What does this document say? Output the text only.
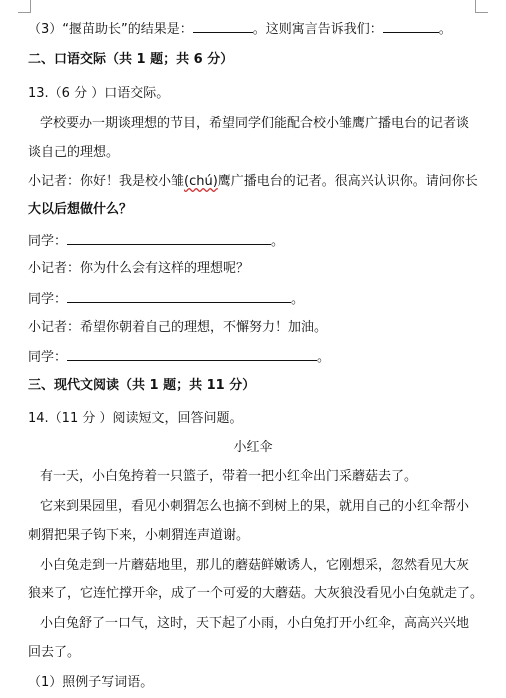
（3）“揠苗助长”的结果是：	。这则寓言告诉我们：	。
二、口语交际（共 1 题；共 6 分）
13.（6 分 ）口语交际。
学校要办一期谈理想的节目，希望同学们能配合校小雏鹰广播电台的记者谈
谈自己的理想。
小记者：你好！我是校小雏(chú)鹰广播电台的记者。很高兴认识你。请问你长
大以后想做什么？
同学：	。
小记者：你为什么会有这样的理想呢？
同学：	。
小记者：希望你朝着自己的理想，不懈努力！加油。
同学：	。
三、现代文阅读（共 1 题；共 11 分）
14.（11 分 ）阅读短文，回答问题。
小红伞
有一天，小白兔挎着一只篮子，带着一把小红伞出门采蘑菇去了。
它来到果园里，看见小刺猬怎么也摘不到树上的果，就用自己的小红伞帮小
刺猬把果子钩下来，小刺猬连声道谢。
小白兔走到一片蘑菇地里，那儿的蘑菇鲜嫩诱人，它刚想采，忽然看见大灰
狼来了，它连忙撑开伞，成了一个可爱的大蘑菇。大灰狼没看见小白兔就走了。
小白兔舒了一口气，这时，天下起了小雨，小白兔打开小红伞，高高兴兴地
回去了。
（1）照例子写词语。
